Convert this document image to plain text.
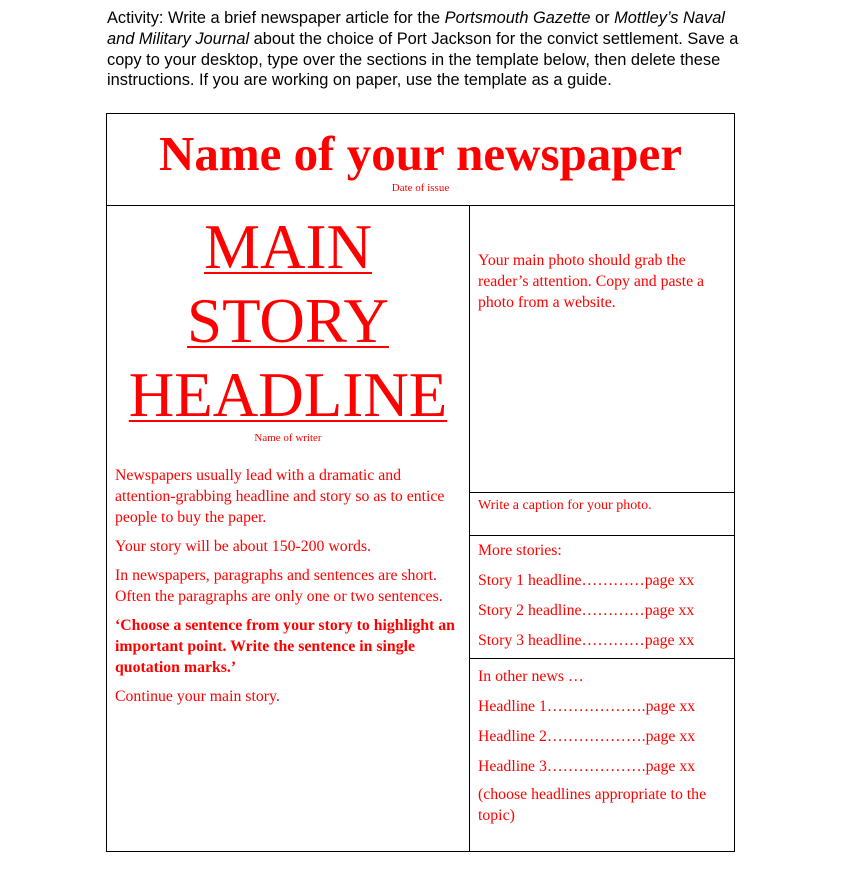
Activity: Write a brief newspaper article for the Portsmouth Gazette or Mottley’s Naval and Military Journal about the choice of Port Jackson for the convict settlement. Save a copy to your desktop, type over the sections in the template below, then delete these instructions. If you are working on paper, use the template as a guide.
Name of your newspaper
Date of issue
MAIN
STORY
HEADLINE
Name of writer

Newspapers usually lead with a dramatic and attention-grabbing headline and story so as to entice people to buy the paper.

Your story will be about 150-200 words.

In newspapers, paragraphs and sentences are short. Often the paragraphs are only one or two sentences.

‘Choose a sentence from your story to highlight an important point. Write the sentence in single quotation marks.’

Continue your main story.

Your main photo should grab the reader’s attention. Copy and paste a photo from a website.
Write a caption for your photo.
More stories:
Story 1 headline…………page xx
Story 2 headline…………page xx
Story 3 headline…………page xx
In other news …
Headline 1……………….page xx
Headline 2……………….page xx
Headline 3……………….page xx
(choose headlines appropriate to the topic)
